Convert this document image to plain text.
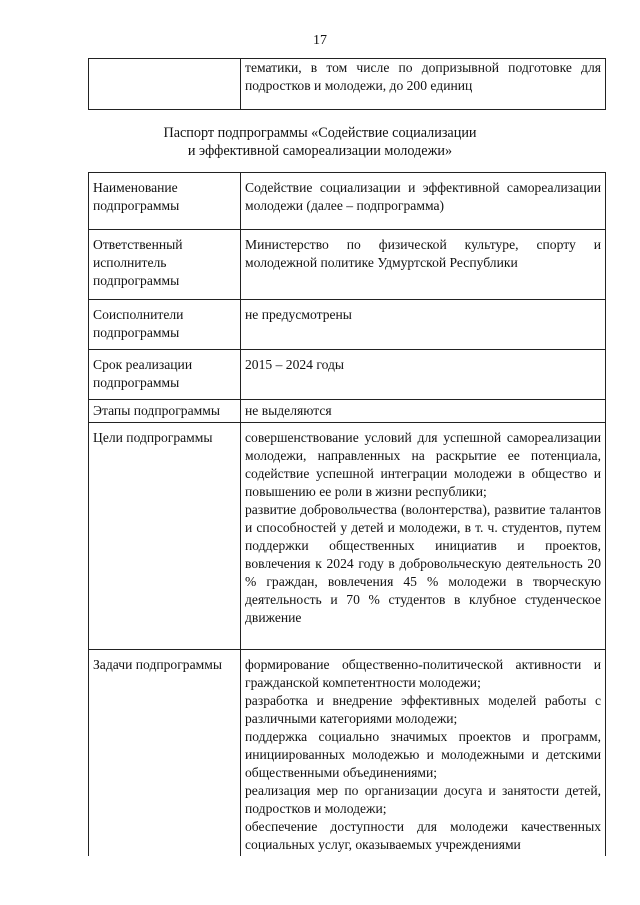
17
	тематики, в том числе по допризывной подготовке для подростков и молодежи, до 200 единиц
Паспорт подпрограммы «Содействие социализации
и эффективной самореализации молодежи»
Наименование подпрограммы	Содействие социализации и эффективной самореализации молодежи (далее – подпрограмма)
Ответственный исполнитель подпрограммы	Министерство по физической культуре, спорту и молодежной политике Удмуртской Республики
Соисполнители подпрограммы	не предусмотрены
Срок реализации подпрограммы	2015 – 2024 годы
Этапы подпрограммы	не выделяются
Цели подпрограммы	совершенствование условий для успешной самореализации молодежи, направленных на раскрытие ее потенциала, содействие успешной интеграции молодежи в общество и повышению ее роли в жизни республики;
развитие добровольчества (волонтерства), развитие талантов и способностей у детей и молодежи, в т. ч. студентов, путем поддержки общественных инициатив и проектов, вовлечения к 2024 году в добровольческую деятельность 20 % граждан, вовлечения 45 % молодежи в творческую деятельность и 70 % студентов в клубное студенческое движение

Задачи подпрограммы	формирование общественно-политической активности и гражданской компетентности молодежи;
разработка и внедрение эффективных моделей работы с различными категориями молодежи;
поддержка социально значимых проектов и программ, инициированных молодежью и молодежными и детскими общественными объединениями;
реализация мер по организации досуга и занятости детей, подростков и молодежи;
обеспечение доступности для молодежи качественных социальных услуг, оказываемых учреждениями
